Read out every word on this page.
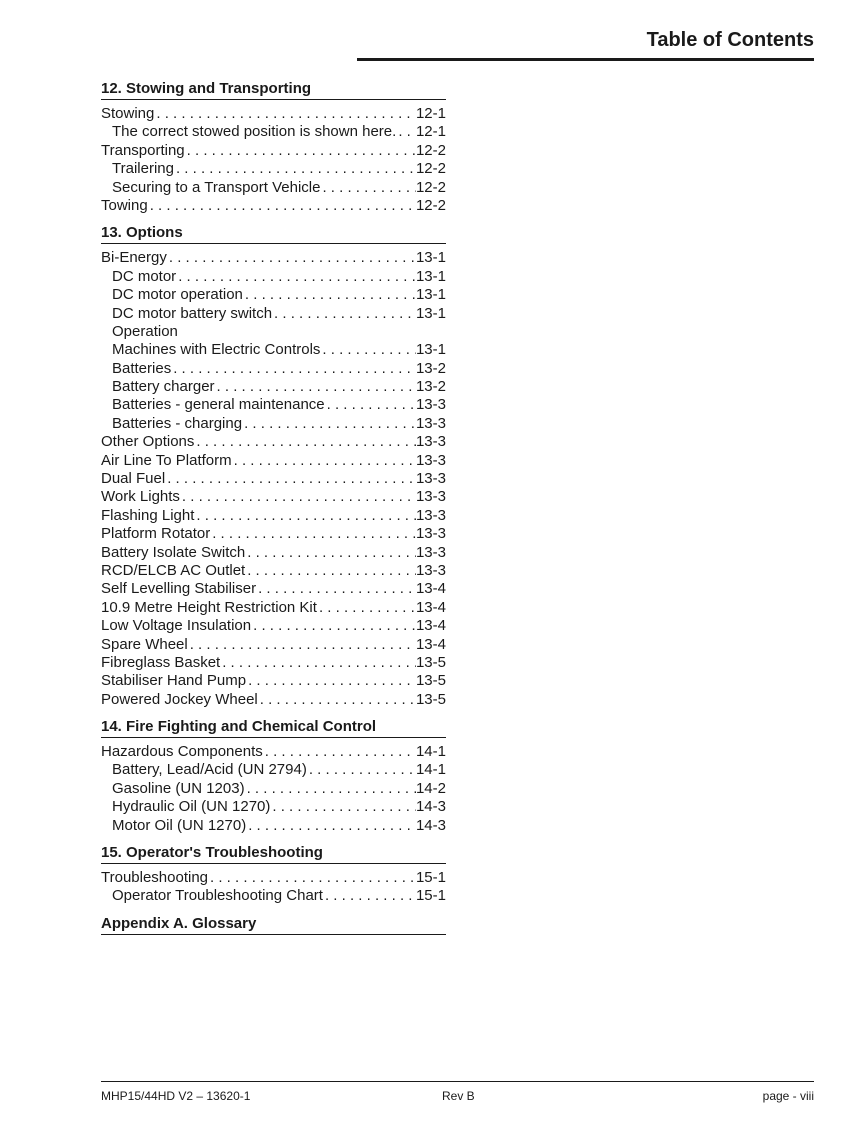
Table of Contents
12. Stowing and Transporting
Stowing . . .	12-1
The correct stowed position is shown here. . . . 12-1
Transporting . . .	12-2
Trailering . . .	12-2
Securing to a Transport Vehicle . . .	12-2
Towing . . .	12-2
13. Options
Bi-Energy . . .	13-1
DC motor . . .	13-1
DC motor operation . . .	13-1
DC motor battery switch . . .	13-1
Operation
Machines with Electric Controls . . .	13-1
Batteries . . .	13-2
Battery charger . . .	13-2
Batteries - general maintenance . . .	13-3
Batteries - charging . . .	13-3
Other Options . . .	13-3
Air Line To Platform . . .	13-3
Dual Fuel . . .	13-3
Work Lights . . .	13-3
Flashing Light . . .	13-3
Platform Rotator . . .	13-3
Battery Isolate Switch . . .	13-3
RCD/ELCB AC Outlet . . .	13-3
Self Levelling Stabiliser . . .	13-4
10.9 Metre Height Restriction Kit . . .	13-4
Low Voltage Insulation . . .	13-4
Spare Wheel . . .	13-4
Fibreglass Basket . . .	13-5
Stabiliser Hand Pump . . .	13-5
Powered Jockey Wheel . . .	13-5
14. Fire Fighting and Chemical Control
Hazardous Components . . .	14-1
Battery, Lead/Acid (UN 2794) . . .	14-1
Gasoline (UN 1203) . . .	14-2
Hydraulic Oil (UN 1270) . . .	14-3
Motor Oil (UN 1270) . . .	14-3
15. Operator's Troubleshooting
Troubleshooting . . .	15-1
Operator Troubleshooting Chart . . .	15-1
Appendix A. Glossary
MHP15/44HD V2 – 13620-1	Rev B	page - viii
